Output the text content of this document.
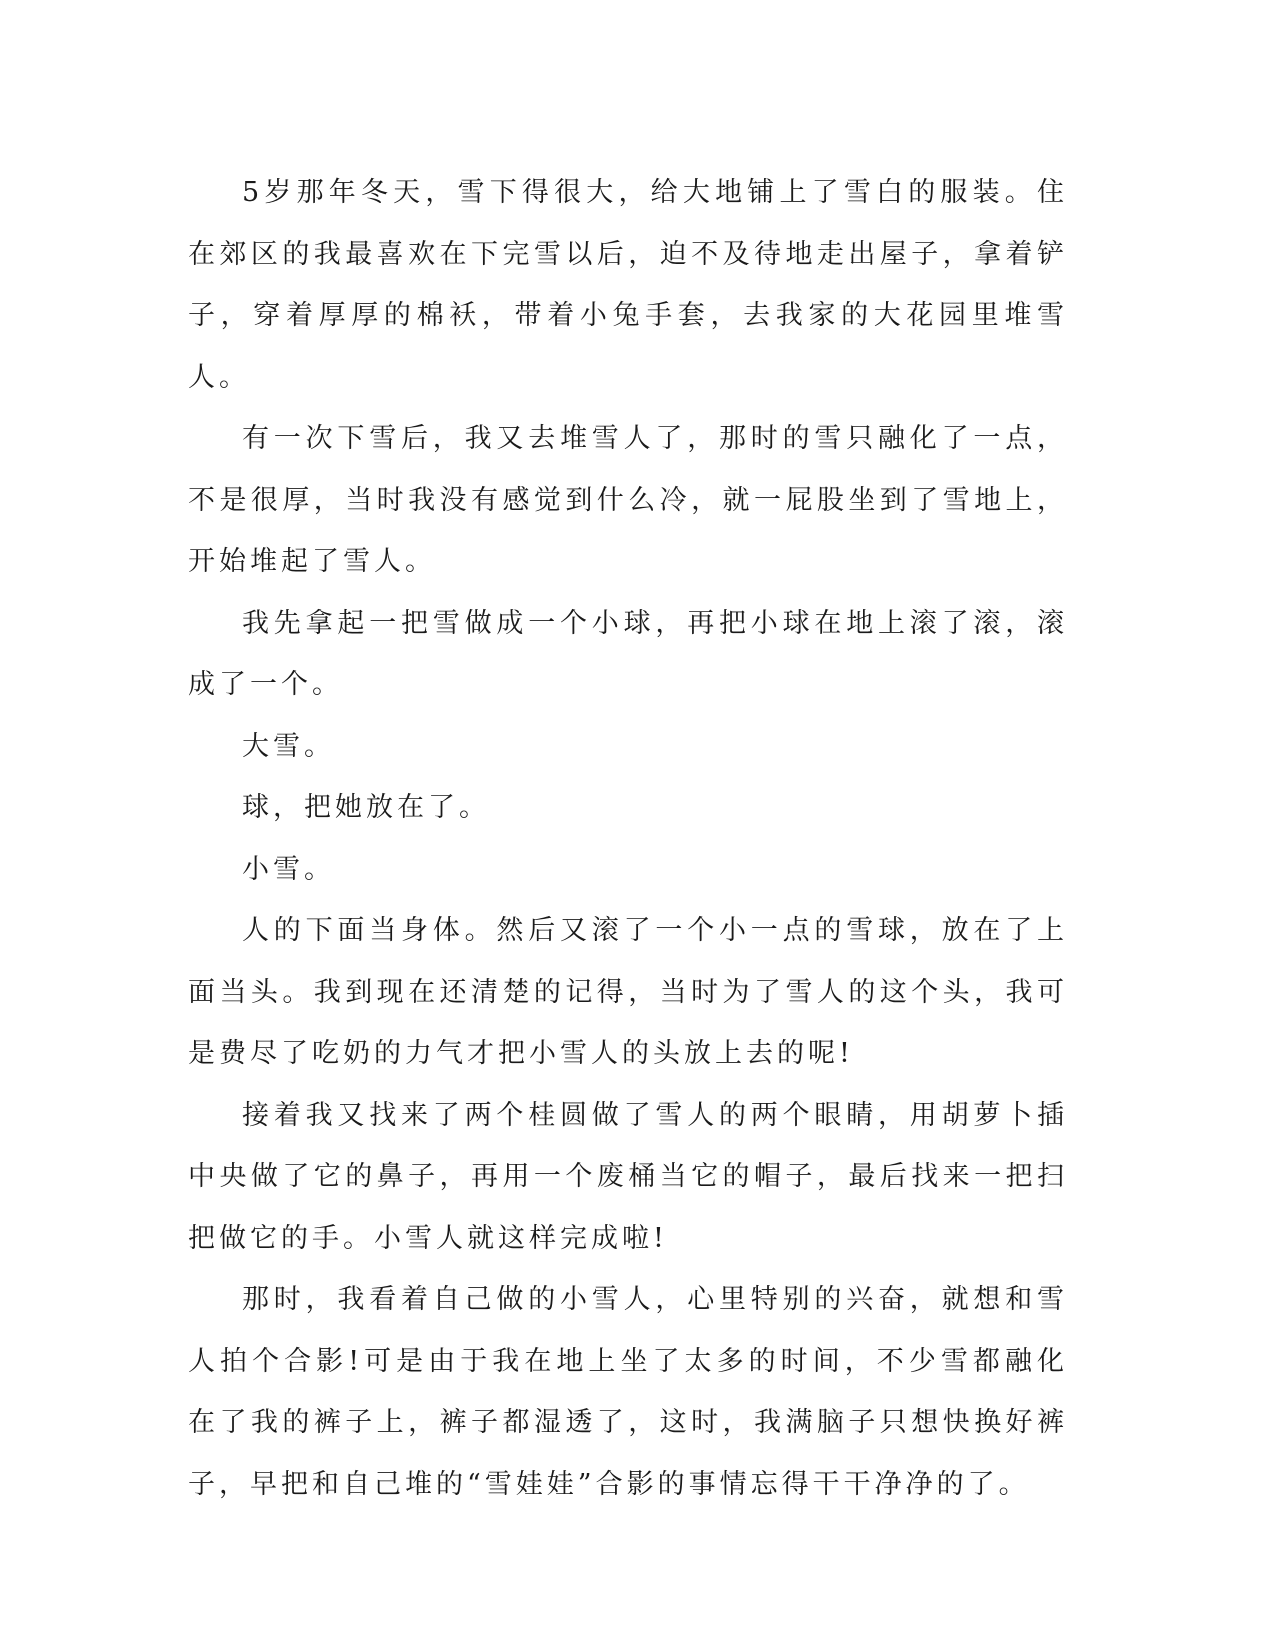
5岁那年冬天，雪下得很大，给大地铺上了雪白的服装。住在郊区的我最喜欢在下完雪以后，迫不及待地走出屋子，拿着铲子，穿着厚厚的棉袄，带着小兔手套，去我家的大花园里堆雪人。

有一次下雪后，我又去堆雪人了，那时的雪只融化了一点，不是很厚，当时我没有感觉到什么冷，就一屁股坐到了雪地上，开始堆起了雪人。

我先拿起一把雪做成一个小球，再把小球在地上滚了滚，滚成了一个。

大雪。

球，把她放在了。

小雪。

人的下面当身体。然后又滚了一个小一点的雪球，放在了上面当头。我到现在还清楚的记得，当时为了雪人的这个头，我可是费尽了吃奶的力气才把小雪人的头放上去的呢!

接着我又找来了两个桂圆做了雪人的两个眼睛，用胡萝卜插中央做了它的鼻子，再用一个废桶当它的帽子，最后找来一把扫把做它的手。小雪人就这样完成啦!

那时，我看着自己做的小雪人，心里特别的兴奋，就想和雪人拍个合影!可是由于我在地上坐了太多的时间，不少雪都融化在了我的裤子上，裤子都湿透了，这时，我满脑子只想快换好裤子，早把和自己堆的“雪娃娃”合影的事情忘得干干净净的了。
